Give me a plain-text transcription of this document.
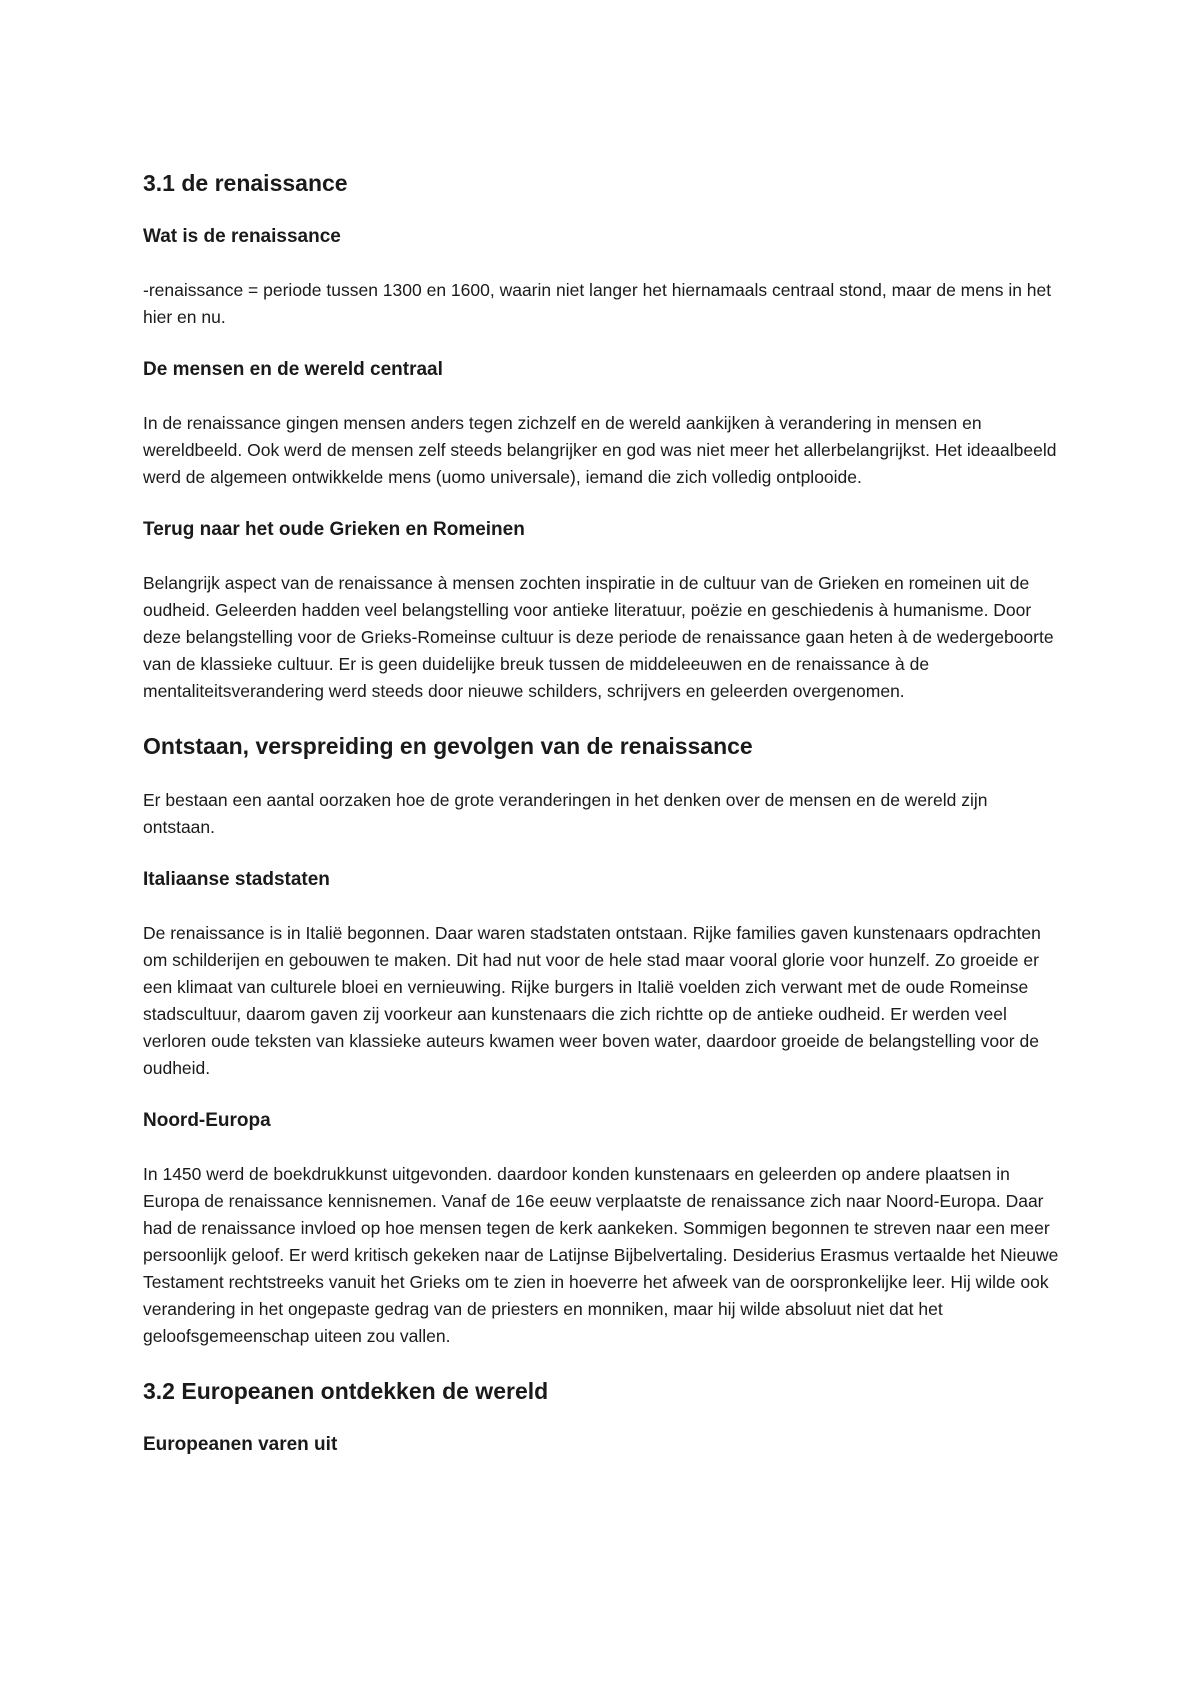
3.1 de renaissance
Wat is de renaissance
-renaissance = periode tussen 1300 en 1600, waarin niet langer het hiernamaals centraal stond, maar de mens in het hier en nu.
De mensen en de wereld centraal
In de renaissance gingen mensen anders tegen zichzelf en de wereld aankijken à verandering in mensen en wereldbeeld. Ook werd de mensen zelf steeds belangrijker en god was niet meer het allerbelangrijkst. Het ideaalbeeld werd de algemeen ontwikkelde mens (uomo universale), iemand die zich volledig ontplooide.
Terug naar het oude Grieken en Romeinen
Belangrijk aspect van de renaissance à mensen zochten inspiratie in de cultuur van de Grieken en romeinen uit de oudheid. Geleerden hadden veel belangstelling voor antieke literatuur, poëzie en geschiedenis à humanisme. Door deze belangstelling voor de Grieks-Romeinse cultuur is deze periode de renaissance gaan heten à de wedergeboorte van de klassieke cultuur. Er is geen duidelijke breuk tussen de middeleeuwen en de renaissance à de mentaliteitsverandering werd steeds door nieuwe schilders, schrijvers en geleerden overgenomen.
Ontstaan, verspreiding en gevolgen van de renaissance
Er bestaan een aantal oorzaken hoe de grote veranderingen in het denken over de mensen en de wereld zijn ontstaan.
Italiaanse stadstaten
De renaissance is in Italië begonnen. Daar waren stadstaten ontstaan. Rijke families gaven kunstenaars opdrachten om schilderijen en gebouwen te maken. Dit had nut voor de hele stad maar vooral glorie voor hunzelf. Zo groeide er een klimaat van culturele bloei en vernieuwing. Rijke burgers in Italië voelden zich verwant met de oude Romeinse stadscultuur, daarom gaven zij voorkeur aan kunstenaars die zich richtte op de antieke oudheid. Er werden veel verloren oude teksten van klassieke auteurs kwamen weer boven water, daardoor groeide de belangstelling voor de oudheid.
Noord-Europa
In 1450 werd de boekdrukkunst uitgevonden. daardoor konden kunstenaars en geleerden op andere plaatsen in Europa de renaissance kennisnemen. Vanaf de 16e eeuw verplaatste de renaissance zich naar Noord-Europa. Daar had de renaissance invloed op hoe mensen tegen de kerk aankeken. Sommigen begonnen te streven naar een meer persoonlijk geloof. Er werd kritisch gekeken naar de Latijnse Bijbelvertaling. Desiderius Erasmus vertaalde het Nieuwe Testament rechtstreeks vanuit het Grieks om te zien in hoeverre het afweek van de oorspronkelijke leer. Hij wilde ook verandering in het ongepaste gedrag van de priesters en monniken, maar hij wilde absoluut niet dat het geloofsgemeenschap uiteen zou vallen.
3.2 Europeanen ontdekken de wereld
Europeanen varen uit
